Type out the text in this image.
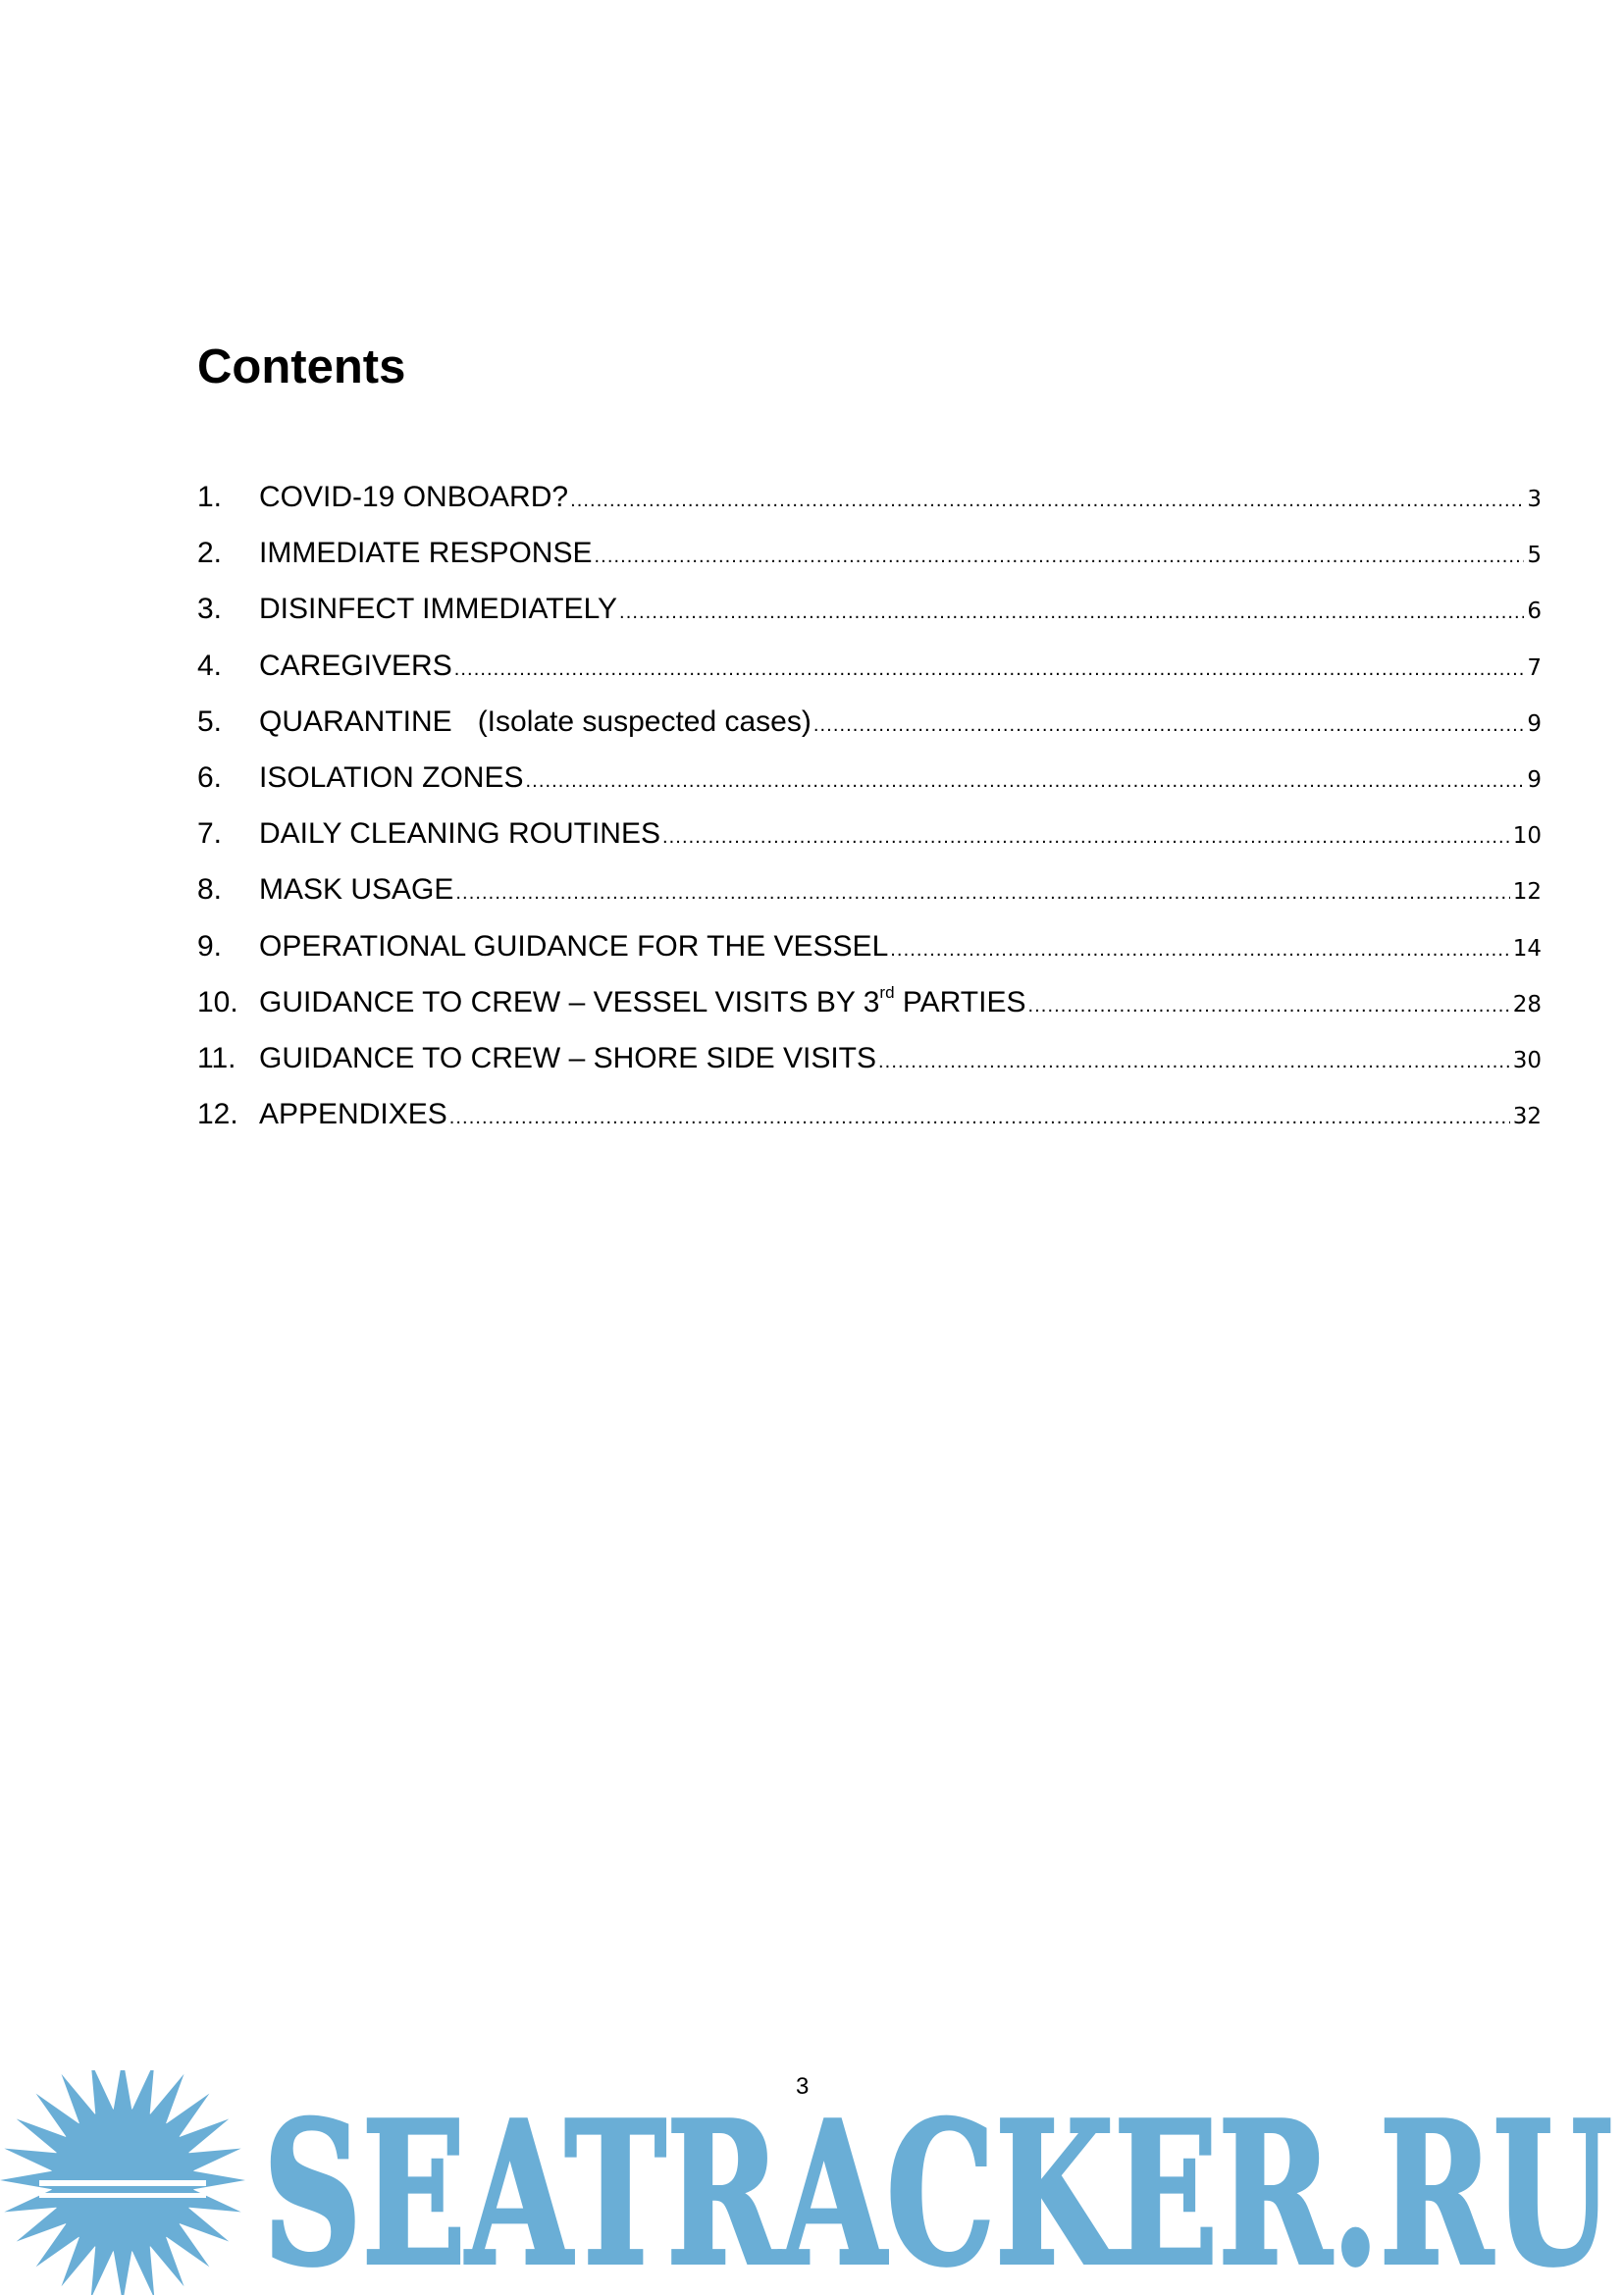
Contents
1.	COVID-19 ONBOARD? .....	3
2.	IMMEDIATE RESPONSE .....	5
3.	DISINFECT IMMEDIATELY .....	6
4.	CAREGIVERS .....	7
5.	QUARANTINE (Isolate suspected cases) .....	9
6.	ISOLATION ZONES .....	9
7.	DAILY CLEANING ROUTINES .....	10
8.	MASK USAGE .....	12
9.	OPERATIONAL GUIDANCE FOR THE VESSEL .....	14
10. GUIDANCE TO CREW – VESSEL VISITS BY 3rd PARTIES .....	28
11. GUIDANCE TO CREW – SHORE SIDE VISITS .....	30
12. APPENDIXES .....	32
SEATRACKER.RU
3
